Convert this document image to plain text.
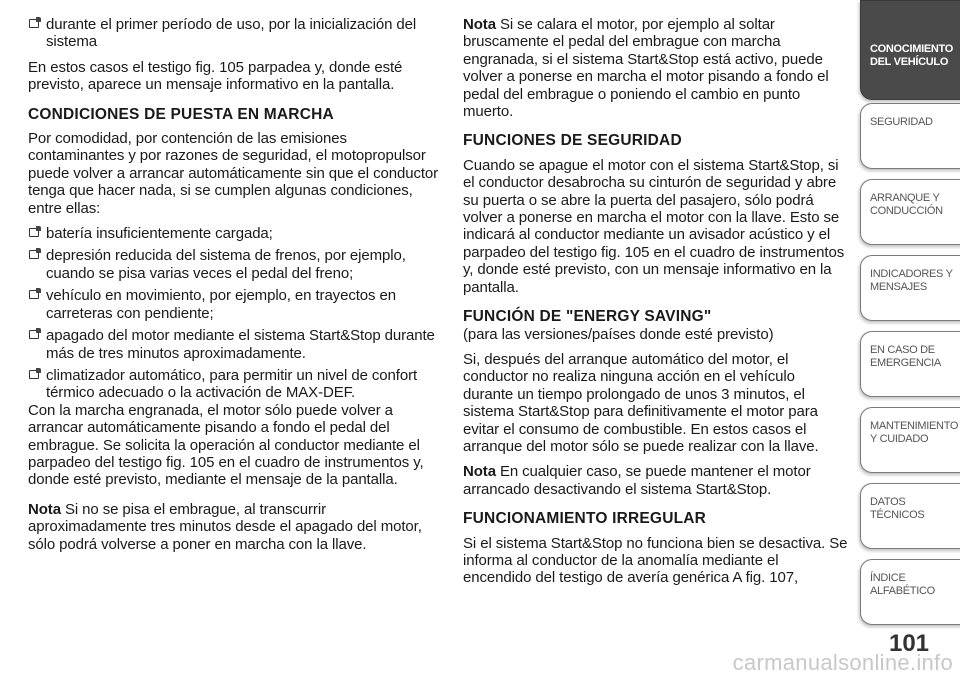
durante el primer período de uso, por la inicialización del sistema

En estos casos el testigo fig. 105 parpadea y, donde esté previsto, aparece un mensaje informativo en la pantalla.

CONDICIONES DE PUESTA EN MARCHA

Por comodidad, por contención de las emisiones contaminantes y por razones de seguridad, el motopropulsor puede volver a arrancar automáticamente sin que el conductor tenga que hacer nada, si se cumplen algunas condiciones, entre ellas:

batería insuficientemente cargada;
depresión reducida del sistema de frenos, por ejemplo, cuando se pisa varias veces el pedal del freno;
vehículo en movimiento, por ejemplo, en trayectos en carreteras con pendiente;
apagado del motor mediante el sistema Start&Stop durante más de tres minutos aproximadamente.
climatizador automático, para permitir un nivel de confort térmico adecuado o la activación de MAX-DEF.

Con la marcha engranada, el motor sólo puede volver a arrancar automáticamente pisando a fondo el pedal del embrague. Se solicita la operación al conductor mediante el parpadeo del testigo fig. 105 en el cuadro de instrumentos y, donde esté previsto, mediante el mensaje de la pantalla.

Nota Si no se pisa el embrague, al transcurrir aproximadamente tres minutos desde el apagado del motor, sólo podrá volverse a poner en marcha con la llave.

Nota Si se calara el motor, por ejemplo al soltar bruscamente el pedal del embrague con marcha engranada, si el sistema Start&Stop está activo, puede volver a ponerse en marcha el motor pisando a fondo el pedal del embrague o poniendo el cambio en punto muerto.

FUNCIONES DE SEGURIDAD

Cuando se apague el motor con el sistema Start&Stop, si el conductor desabrocha su cinturón de seguridad y abre su puerta o se abre la puerta del pasajero, sólo podrá volver a ponerse en marcha el motor con la llave. Esto se indicará al conductor mediante un avisador acústico y el parpadeo del testigo fig. 105 en el cuadro de instrumentos y, donde esté previsto, con un mensaje informativo en la pantalla.

FUNCIÓN DE "ENERGY SAVING"

(para las versiones/países donde esté previsto)

Si, después del arranque automático del motor, el conductor no realiza ninguna acción en el vehículo durante un tiempo prolongado de unos 3 minutos, el sistema Start&Stop para definitivamente el motor para evitar el consumo de combustible. En estos casos el arranque del motor sólo se puede realizar con la llave.

Nota En cualquier caso, se puede mantener el motor arrancado desactivando el sistema Start&Stop.

FUNCIONAMIENTO IRREGULAR

Si el sistema Start&Stop no funciona bien se desactiva. Se informa al conductor de la anomalía mediante el encendido del testigo de avería genérica A fig. 107,

CONOCIMIENTO DEL VEHÍCULO
SEGURIDAD
ARRANQUE Y CONDUCCIÓN
INDICADORES Y MENSAJES
EN CASO DE EMERGENCIA
MANTENIMIENTO Y CUIDADO
DATOS TÉCNICOS
ÍNDICE ALFABÉTICO
101
carmanualsonline.info
